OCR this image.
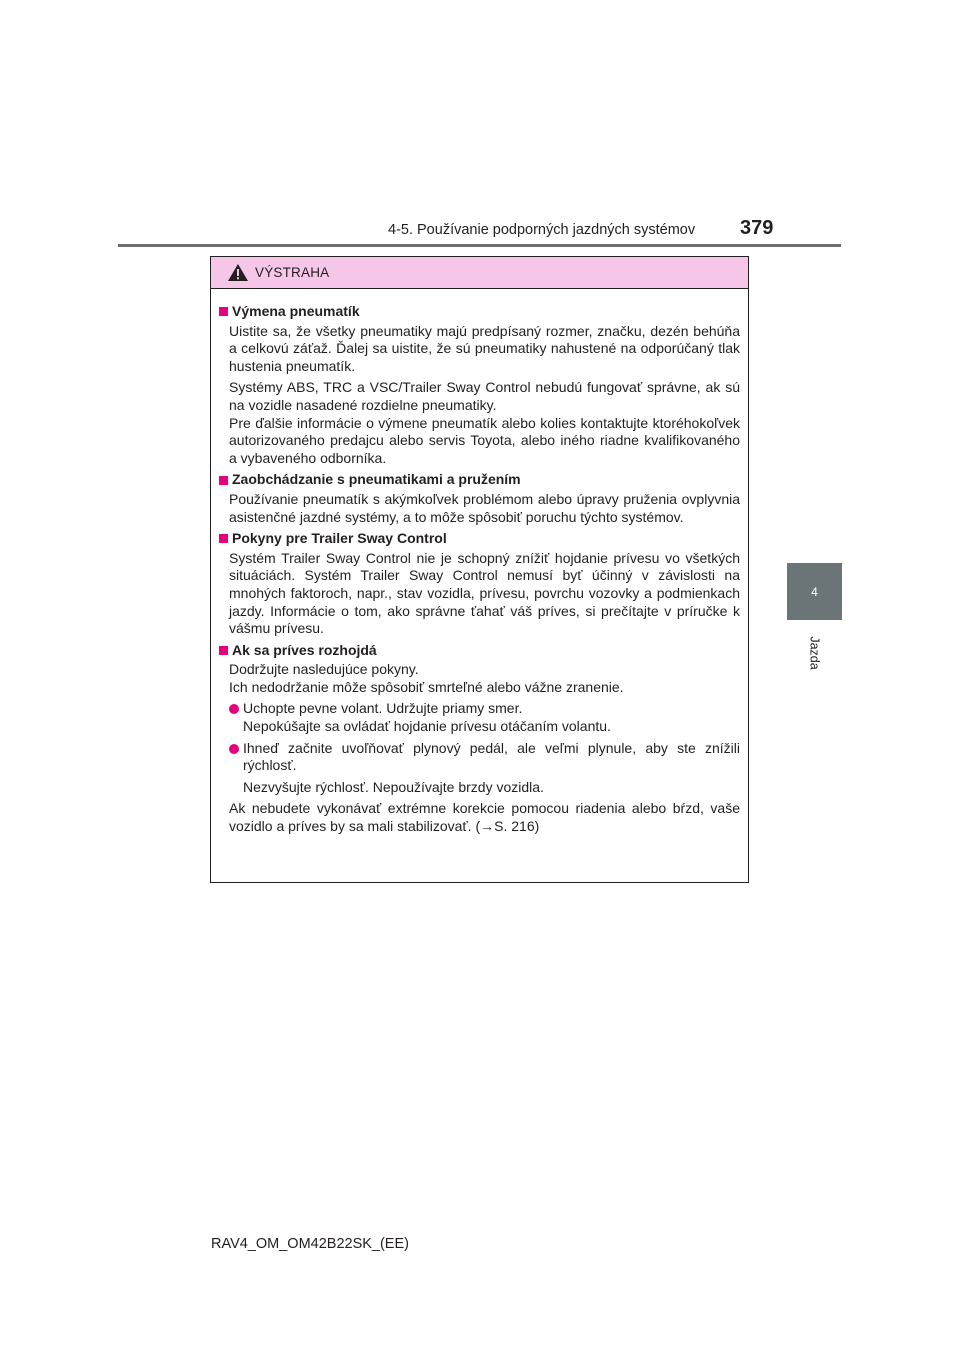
4-5. Používanie podporných jazdných systémov 379
4
Jazda
VÝSTRAHA
Výmena pneumatík
Uistite sa, že všetky pneumatiky majú predpísaný rozmer, značku, dezén behúňa a celkovú záťaž. Ďalej sa uistite, že sú pneumatiky nahustené na odporúčaný tlak hustenia pneumatík.
Systémy ABS, TRC a VSC/Trailer Sway Control nebudú fungovať správne, ak sú na vozidle nasadené rozdielne pneumatiky.
Pre ďalšie informácie o výmene pneumatík alebo kolies kontaktujte ktoréhokoľvek autorizovaného predajcu alebo servis Toyota, alebo iného riadne kvalifikovaného a vybaveného odborníka.
Zaobchádzanie s pneumatikami a pružením
Používanie pneumatík s akýmkoľvek problémom alebo úpravy pruženia ovplyvnia asistenčné jazdné systémy, a to môže spôsobiť poruchu týchto systémov.
Pokyny pre Trailer Sway Control
Systém Trailer Sway Control nie je schopný znížiť hojdanie prívesu vo všetkých situáciách. Systém Trailer Sway Control nemusí byť účinný v závislosti na mnohých faktoroch, napr., stav vozidla, prívesu, povrchu vozovky a podmienkach jazdy. Informácie o tom, ako správne ťahať váš príves, si prečítajte v príručke k vášmu prívesu.
Ak sa príves rozhojdá
Dodržujte nasledujúce pokyny.
Ich nedodržanie môže spôsobiť smrteľné alebo vážne zranenie.
Uchopte pevne volant. Udržujte priamy smer.
Nepokúšajte sa ovládať hojdanie prívesu otáčaním volantu.
Ihneď začnite uvoľňovať plynový pedál, ale veľmi plynule, aby ste znížili rýchlosť.
Nezvyšujte rýchlosť. Nepoužívajte brzdy vozidla.
Ak nebudete vykonávať extrémne korekcie pomocou riadenia alebo bŕzd, vaše vozidlo a príves by sa mali stabilizovať. (→S. 216)
RAV4_OM_OM42B22SK_(EE)
